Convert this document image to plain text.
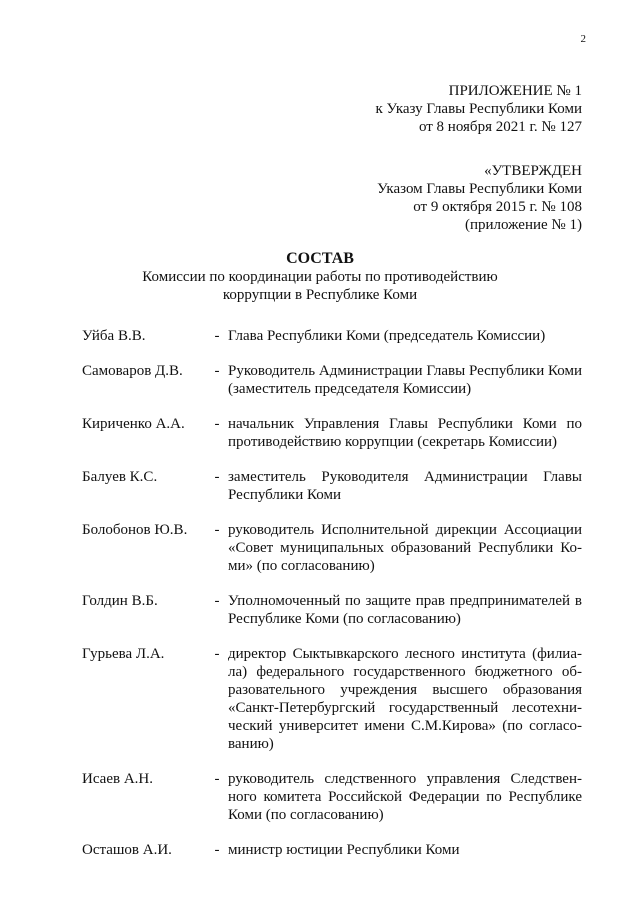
2
ПРИЛОЖЕНИЕ № 1
к Указу Главы Республики Коми
от 8 ноября 2021 г. № 127
«УТВЕРЖДЕН
Указом Главы Республики Коми
от 9 октября 2015 г. № 108
(приложение № 1)
СОСТАВ
Комиссии по координации работы по противодействию
коррупции в Республике Коми
Уйба В.В.	- Глава Республики Коми (председатель Комиссии)
Самоваров Д.В.	- Руководитель Администрации Главы Республики Коми (заместитель председателя Комиссии)
Кириченко А.А.	- начальник Управления Главы Республики Коми по противодействию коррупции (секретарь Комиссии)
Балуев К.С.	- заместитель Руководителя Администрации Главы Республики Коми
Болобонов Ю.В.	- руководитель Исполнительной дирекции Ассоциации «Совет муниципальных образований Республики Ко-ми» (по согласованию)
Голдин В.Б.	- Уполномоченный по защите прав предпринимателей в Республике Коми (по согласованию)
Гурьева Л.А.	- директор Сыктывкарского лесного института (филиа-ла) федерального государственного бюджетного об-разовательного учреждения высшего образования «Санкт-Петербургский государственный лесотехни-ческий университет имени С.М.Кирова» (по согласо-ванию)
Исаев А.Н.	- руководитель следственного управления Следствен-ного комитета Российской Федерации по Республике Коми (по согласованию)
Осташов А.И.	- министр юстиции Республики Коми
